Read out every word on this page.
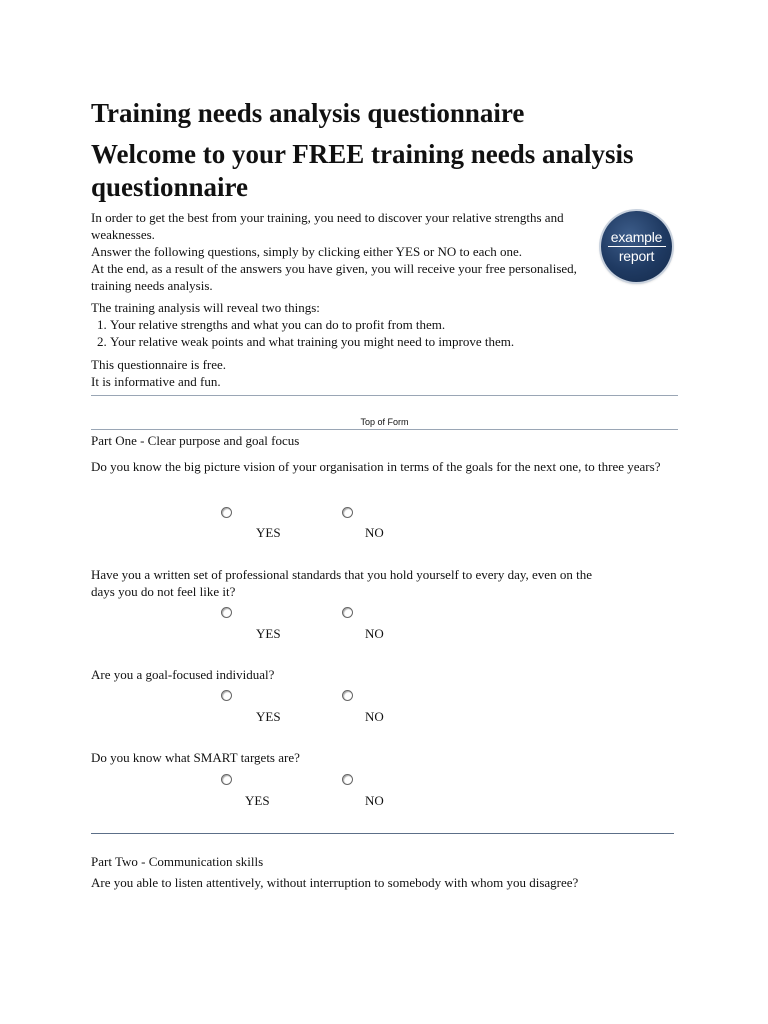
Training needs analysis questionnaire
Welcome to your FREE training needs analysis questionnaire
In order to get the best from your training, you need to discover your relative strengths and weaknesses.
Answer the following questions, simply by clicking either YES or NO to each one.
At the end, as a result of the answers you have given, you will receive your free personalised, training needs analysis.
The training analysis will reveal two things:
1. Your relative strengths and what you can do to profit from them.
2. Your relative weak points and what training you might need to improve them.
This questionnaire is free.
It is informative and fun.
Top of Form
Part One - Clear purpose and goal focus
Do you know the big picture vision of your organisation in terms of the goals for the next one, to three years?
YES	NO
Have you a written set of professional standards that you hold yourself to every day, even on the days you do not feel like it?
YES	NO
Are you a goal-focused individual?
YES	NO
Do you know what SMART targets are?
YES	NO
Part Two - Communication skills
Are you able to listen attentively, without interruption to somebody with whom you disagree?
example
report
